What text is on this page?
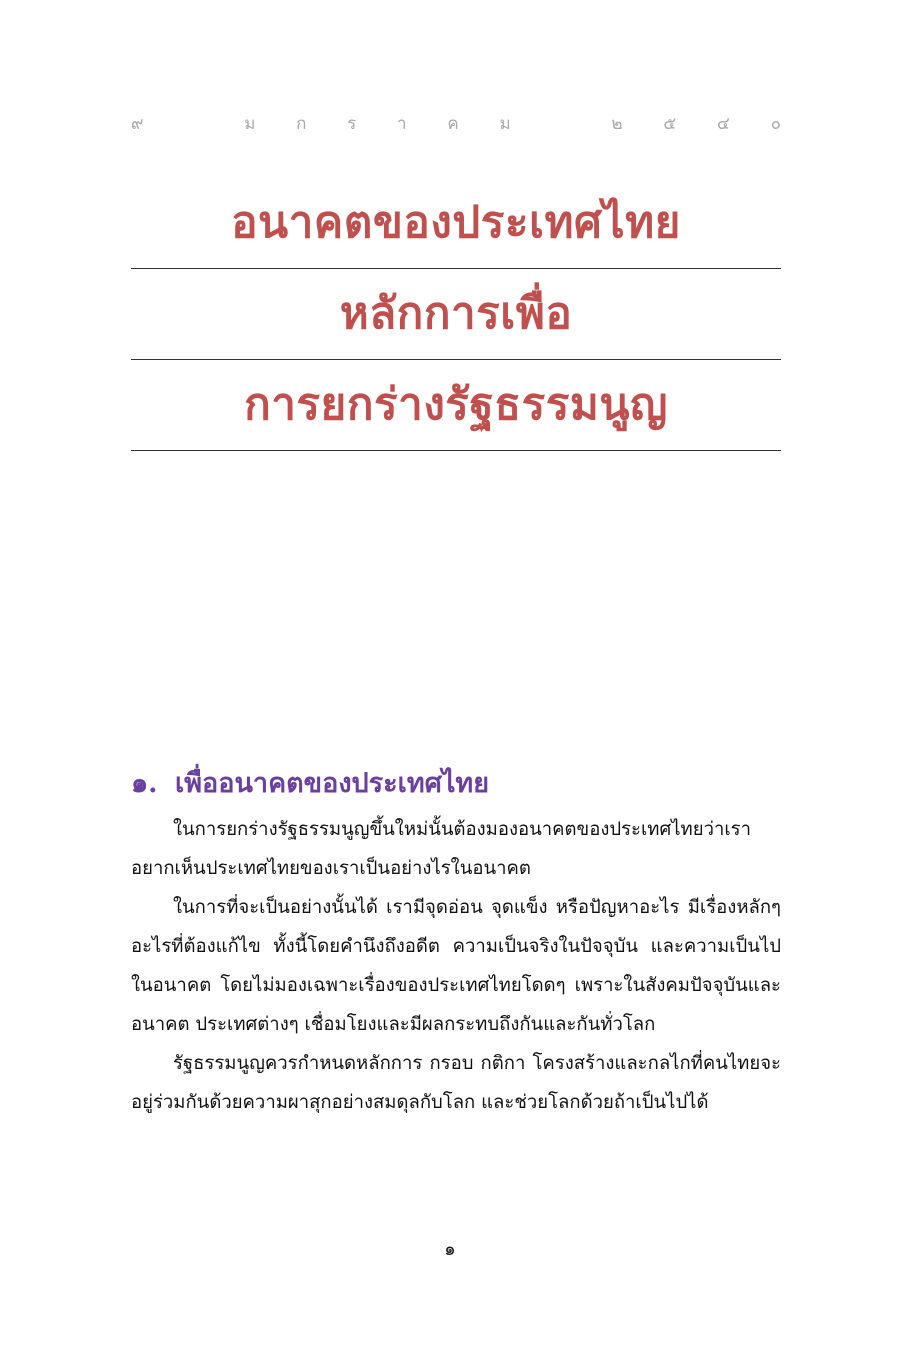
๙	ม ก ร า ค ม	๒ ๕ ๔ ๐
อนาคตของประเทศไทย
หลักการเพื่อ
การยกร่างรัฐธรรมนูญ
๑. เพื่ออนาคตของประเทศไทย

ในการยกร่างรัฐธรรมนูญขึ้นใหม่นั้นต้องมองอนาคตของประเทศไทยว่าเราอยากเห็นประเทศไทยของเราเป็นอย่างไรในอนาคต

ในการที่จะเป็นอย่างนั้นได้ เรามีจุดอ่อน จุดแข็ง หรือปัญหาอะไร มีเรื่องหลักๆ อะไรที่ต้องแก้ไข ทั้งนี้โดยคำนึงถึงอดีต ความเป็นจริงในปัจจุบัน และความเป็นไปในอนาคต โดยไม่มองเฉพาะเรื่องของประเทศไทยโดดๆ เพราะในสังคมปัจจุบันและอนาคต ประเทศต่างๆ เชื่อมโยงและมีผลกระทบถึงกันและกันทั่วโลก

รัฐธรรมนูญควรกำหนดหลักการ กรอบ กติกา โครงสร้างและกลไกที่คนไทยจะอยู่ร่วมกันด้วยความผาสุกอย่างสมดุลกับโลก และช่วยโลกด้วยถ้าเป็นไปได้

๑
